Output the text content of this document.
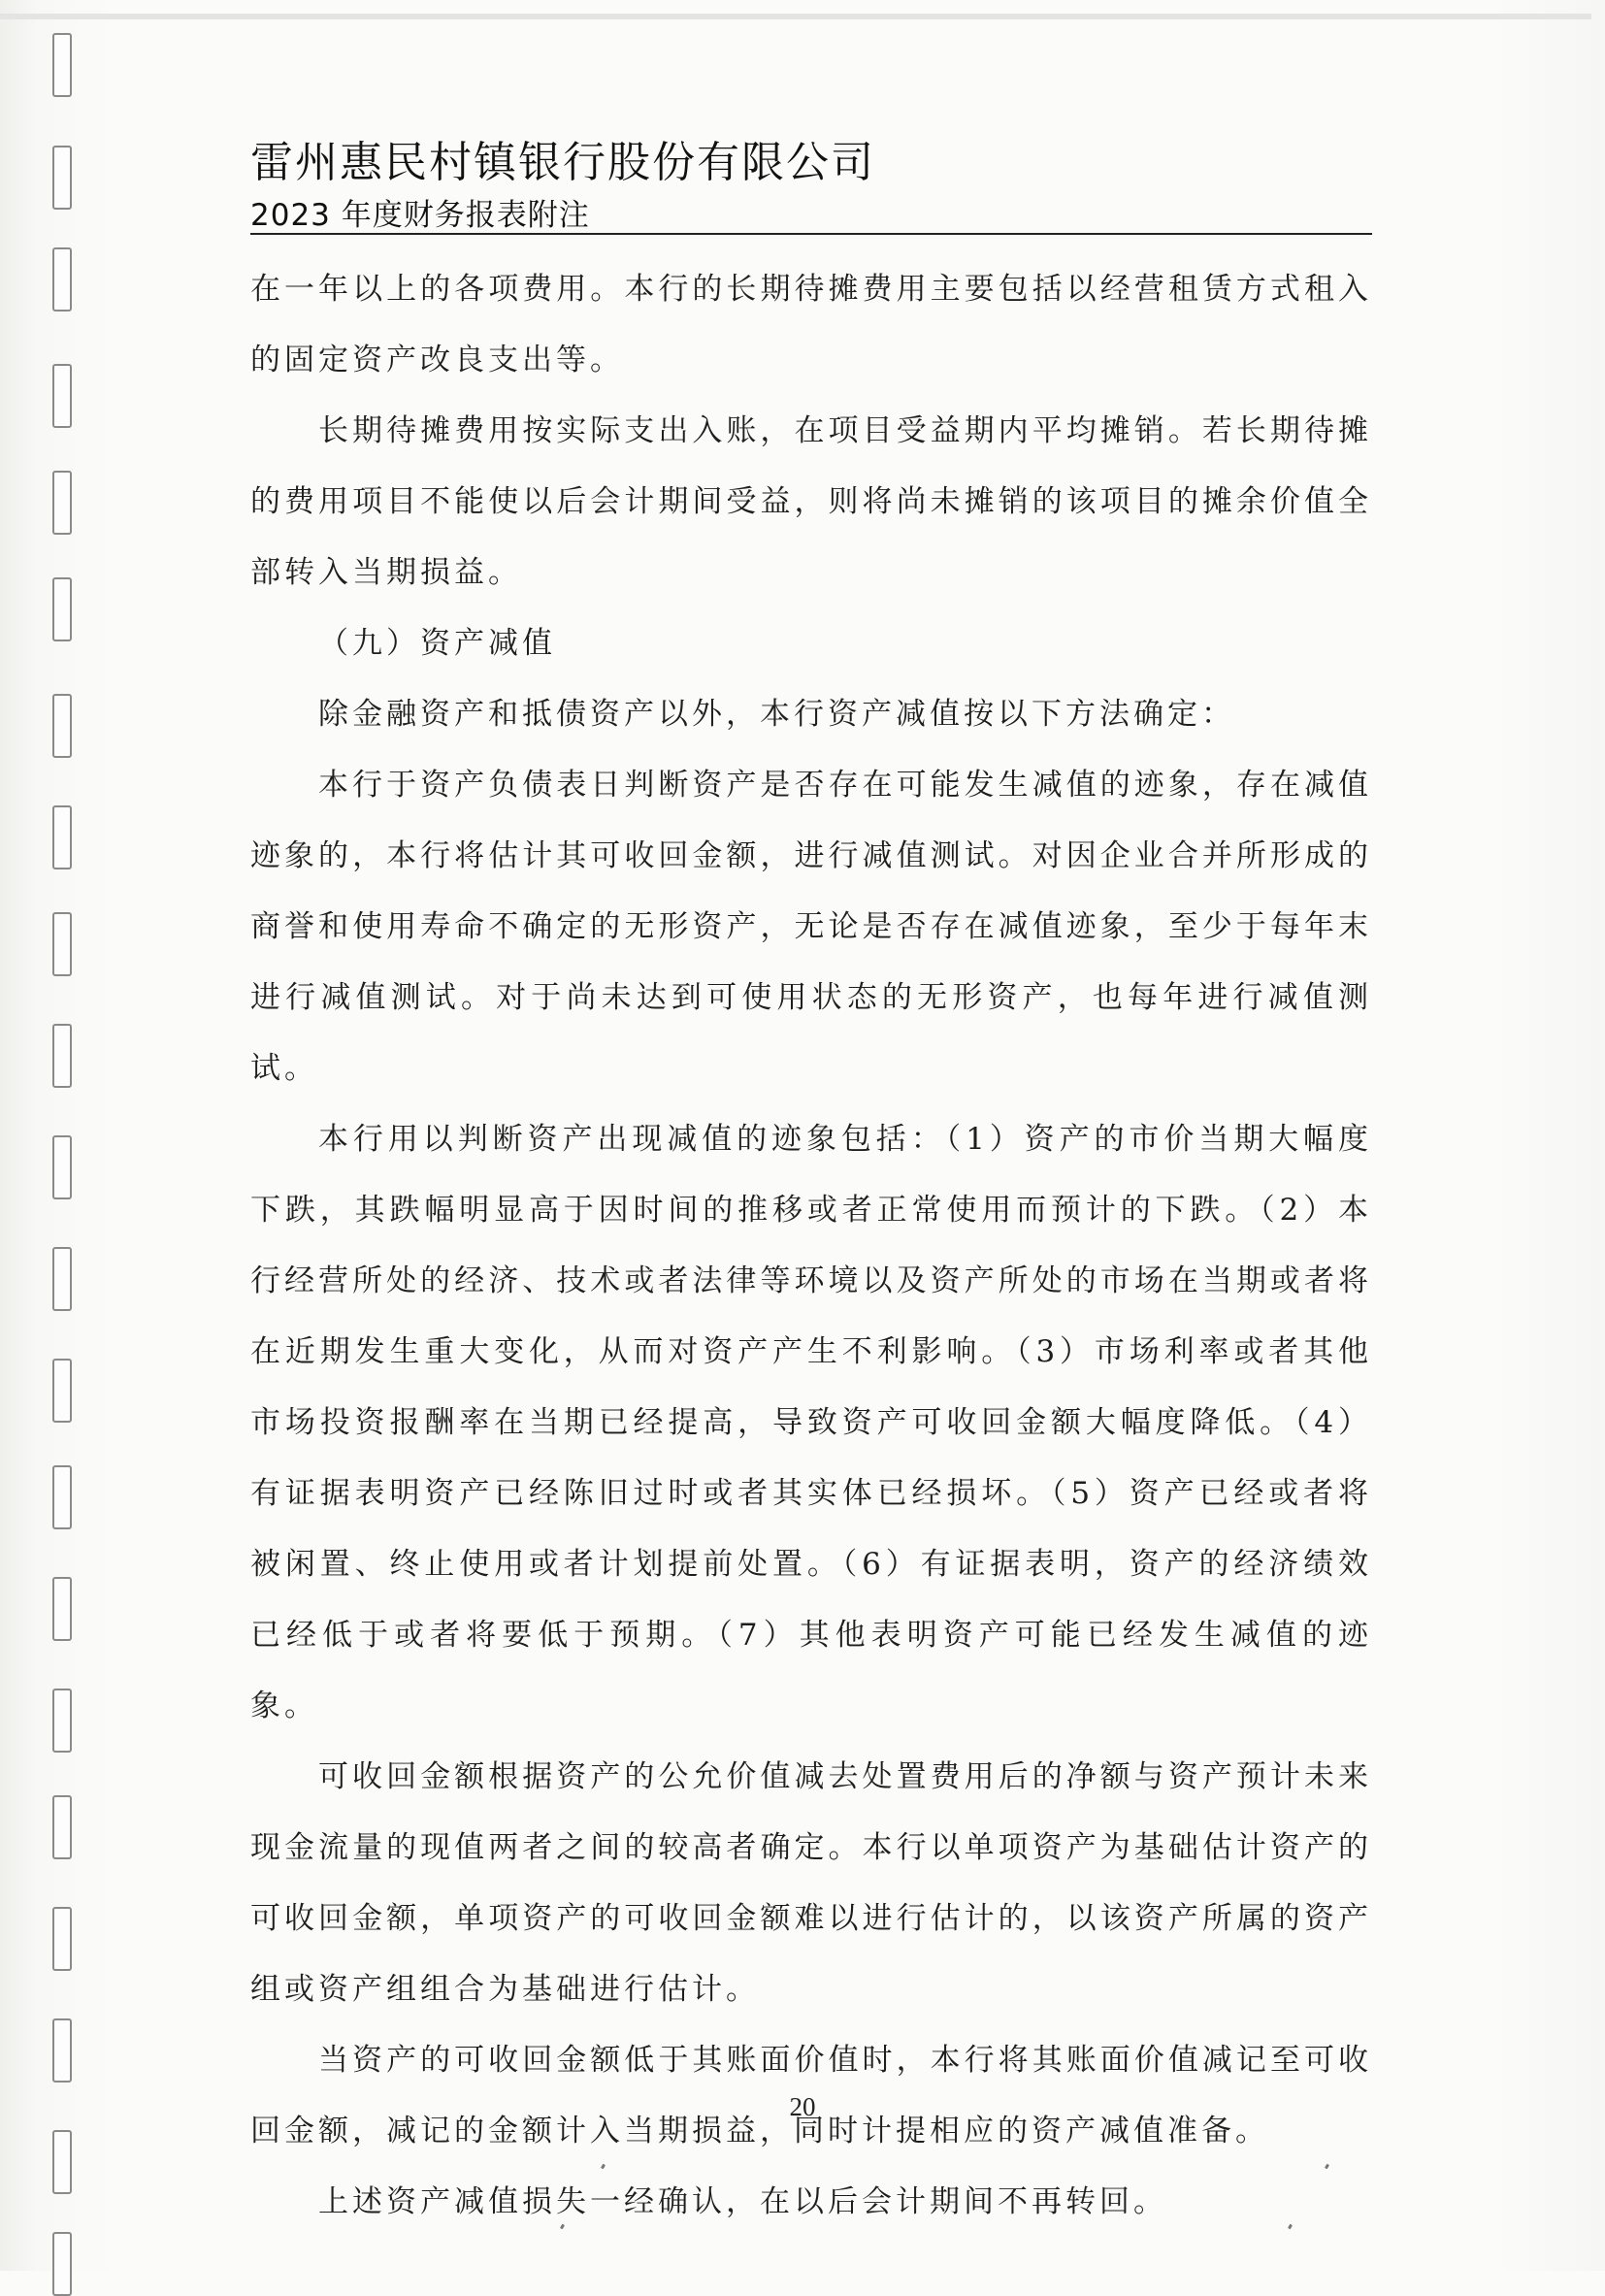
雷州惠民村镇银行股份有限公司
2023 年度财务报表附注

在一年以上的各项费用。本行的长期待摊费用主要包括以经营租赁方式租入的固定资产改良支出等。

长期待摊费用按实际支出入账，在项目受益期内平均摊销。若长期待摊的费用项目不能使以后会计期间受益，则将尚未摊销的该项目的摊余价值全部转入当期损益。

（九）资产减值

除金融资产和抵债资产以外，本行资产减值按以下方法确定：

本行于资产负债表日判断资产是否存在可能发生减值的迹象，存在减值迹象的，本行将估计其可收回金额，进行减值测试。对因企业合并所形成的商誉和使用寿命不确定的无形资产，无论是否存在减值迹象，至少于每年末进行减值测试。对于尚未达到可使用状态的无形资产，也每年进行减值测试。

本行用以判断资产出现减值的迹象包括：（1）资产的市价当期大幅度下跌，其跌幅明显高于因时间的推移或者正常使用而预计的下跌。（2）本行经营所处的经济、技术或者法律等环境以及资产所处的市场在当期或者将在近期发生重大变化，从而对资产产生不利影响。（3）市场利率或者其他市场投资报酬率在当期已经提高，导致资产可收回金额大幅度降低。（4）有证据表明资产已经陈旧过时或者其实体已经损坏。（5）资产已经或者将被闲置、终止使用或者计划提前处置。（6）有证据表明，资产的经济绩效已经低于或者将要低于预期。（7）其他表明资产可能已经发生减值的迹象。

可收回金额根据资产的公允价值减去处置费用后的净额与资产预计未来现金流量的现值两者之间的较高者确定。本行以单项资产为基础估计资产的可收回金额，单项资产的可收回金额难以进行估计的，以该资产所属的资产组或资产组组合为基础进行估计。

当资产的可收回金额低于其账面价值时，本行将其账面价值减记至可收回金额，减记的金额计入当期损益，同时计提相应的资产减值准备。

上述资产减值损失一经确认，在以后会计期间不再转回。

20
